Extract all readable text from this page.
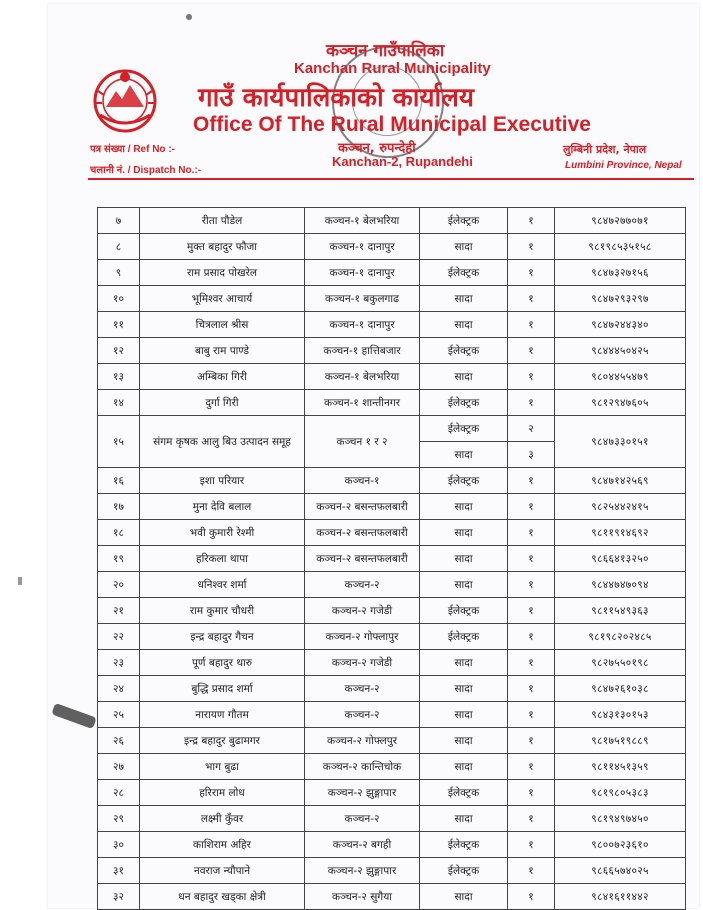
कञ्चन गाउँपालिका
Kanchan Rural Municipality
गाउँ कार्यपालिकाको कार्यालय
Office Of The Rural Municipal Executive
कञ्चन, रुपन्देही
Kanchan-2, Rupandehi
पत्र संख्या / Ref No :-
चलानी नं. / Dispatch No.:-
लुम्बिनी प्रदेश, नेपाल
Lumbini Province, Nepal
७	रीता पौडेल	कञ्चन-१ बेलभरिया	ईलेक्ट्रक	१	९८४७२७७०७१
८	मुक्त बहादुर फौजा	कञ्चन-१ दानापुर	सादा	१	९८१९८५३५१५८
९	राम प्रसाद पोखरेल	कञ्चन-१ दानापुर	ईलेक्ट्रक	१	९८४७३२७१५६
१०	भूमिश्वर आचार्य	कञ्चन-१ बकुलगाढ	सादा	१	९८४७२९३२९७
११	चित्रलाल श्रीस	कञ्चन-१ दानापुर	सादा	१	९८४७२४४३४०
१२	बाबु राम पाण्डे	कञ्चन-१ हात्तिबजार	ईलेक्ट्रक	१	९८४४४५०४२५
१३	अम्बिका गिरी	कञ्चन-१ बेलभरिया	सादा	१	९८०४४५५४७९
१४	दुर्गा गिरी	कञ्चन-१ शान्तीनगर	ईलेक्ट्रक	१	९८१२९४७६०५
१५	संगम कृषक आलु बिउ उत्पादन समूह	कञ्चन १ र २	ईलेक्ट्रक	२	९८४७३३०१५१
			सादा	३	
१६	इशा परियार	कञ्चन-१	ईलेक्ट्रक	१	९८४७१४२५६९
१७	मुना देवि बलाल	कञ्चन-२ बसन्तफलबारी	सादा	१	९८२५४४२४१५
१८	भवी कुमारी रेश्मी	कञ्चन-२ बसन्तफलबारी	सादा	१	९८११९१४६९२
१९	हरिकला थापा	कञ्चन-२ बसन्तफलबारी	सादा	१	९८६६४१३२५०
२०	धनिश्वर शर्मा	कञ्चन-२	सादा	१	९८४४७४७०९४
२१	राम कुमार चौधरी	कञ्चन-२ गजेडी	ईलेक्ट्रक	१	९८११५४९३६३
२२	इन्द्र बहादुर गैचन	कञ्चन-२ गोफ्लापुर	ईलेक्ट्रक	१	९८१९८२०२४८५
२३	पूर्ण बहादुर थारु	कञ्चन-२ गजेडी	सादा	१	९८२७५५०१९८
२४	बुद्धि प्रसाद शर्मा	कञ्चन-२	सादा	१	९८४७२६१०३८
२५	नारायण गौतम	कञ्चन-२	सादा	१	९८४३१३०१५३
२६	इन्द्र बहादुर बुढामगर	कञ्चन-२ गोफ्लपुर	सादा	१	९८१७५१९८८९
२७	भाग बुढा	कञ्चन-२ कान्तिचोक	सादा	१	९८११४५१३५९
२८	हरिराम लोध	कञ्चन-२ झुङ्गापार	ईलेक्ट्रक	१	९८१९८०५३८३
२९	लक्ष्मी कुँवर	कञ्चन-२	सादा	१	९८१९४९७४५०
३०	काशिराम अहिर	कञ्चन-२ बगही	ईलेक्ट्रक	१	९८००७२३६१०
३१	नवराज न्यौपाने	कञ्चन-२ झुङ्गापार	ईलेक्ट्रक	१	९८६६५७४०२५
३२	धन बहादुर खड्का क्षेत्री	कञ्चन-२ सुगैया	सादा	१	९८४१६११४४२
